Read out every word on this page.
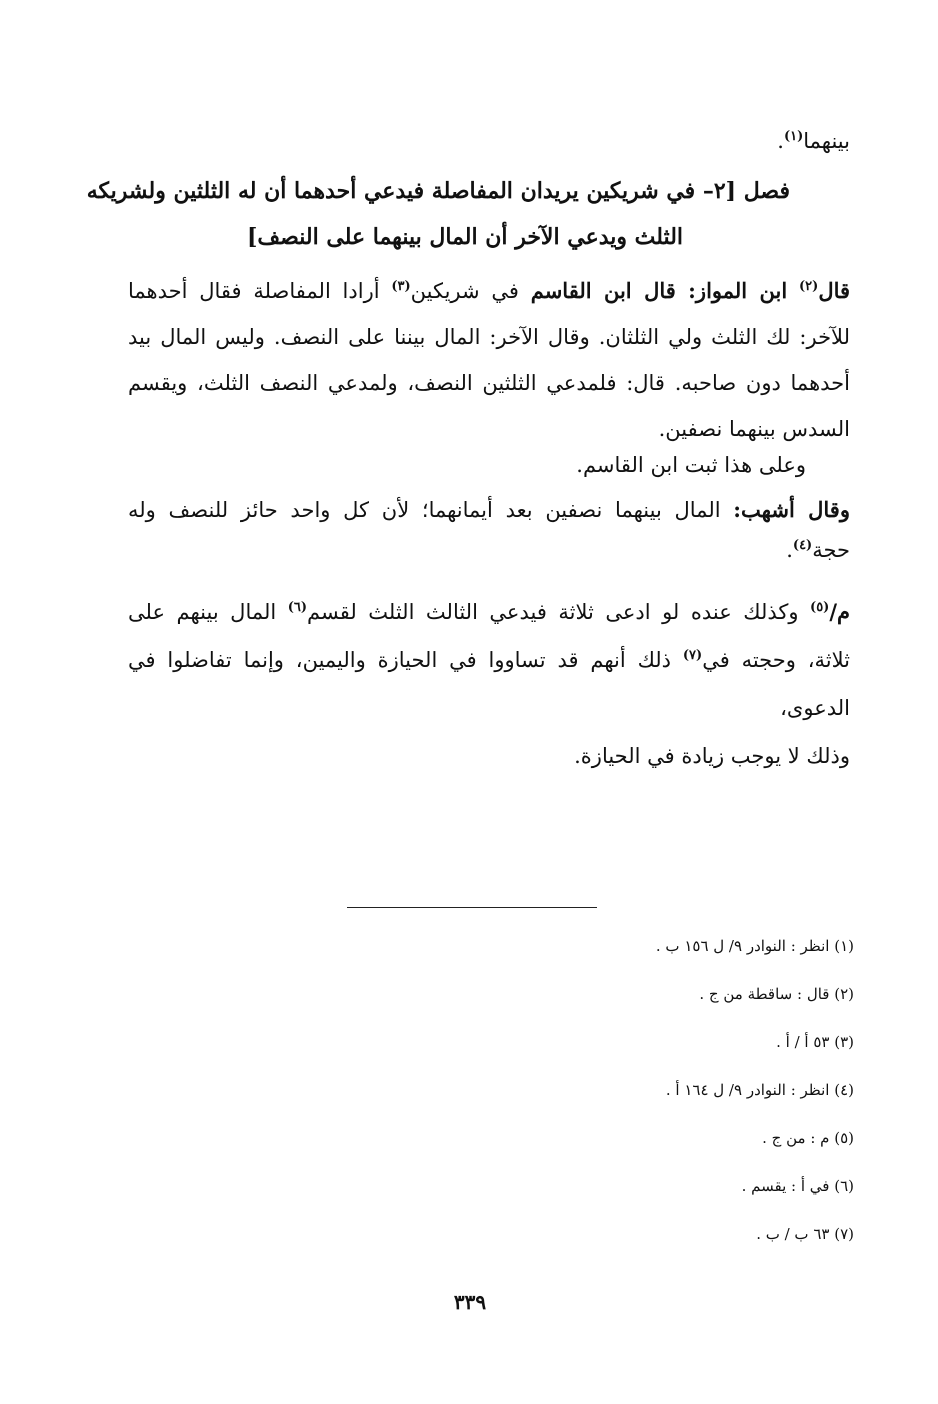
بينهما$^{(١)}$.
فصل [٢– في شريكين يريدان المفاصلة فيدعي أحدهما أن له الثلثين ولشريكه
الثلث ويدعي الآخر أن المال بينهما على النصف]
قال$^{(٢)}$ ابن المواز: قال ابن القاسم في شريكين$^{(٣)}$ أرادا المفاصلة فقال أحدهما
للآخر: لك الثلث ولي الثلثان. وقال الآخر: المال بيننا على النصف. وليس المال بيد
أحدهما دون صاحبه. قال: فلمدعي الثلثين النصف، ولمدعي النصف الثلث، ويقسم
السدس بينهما نصفين.
وعلى هذا ثبت ابن القاسم.
وقال أشهب: المال بينهما نصفين بعد أيمانهما؛ لأن كل واحد حائز للنصف وله
حجة$^{(٤)}$.
م/$^{(٥)}$ وكذلك عنده لو ادعى ثلاثة فيدعي الثالث الثلث لقسم$^{(٦)}$ المال بينهم على
ثلاثة، وحجته في$^{(٧)}$ ذلك أنهم قد تساووا في الحيازة واليمين، وإنما تفاضلوا في الدعوى،
وذلك لا يوجب زيادة في الحيازة.
(١) انظر : النوادر ٩/ ل ١٥٦ ب .
(٢) قال : ساقطة من ج .
(٣) ٥٣ أ / أ .
(٤) انظر : النوادر ٩/ ل ١٦٤ أ .
(٥) م : من ج .
(٦) في أ : يقسم .
(٧) ٦٣ ب / ب .
٣٣٩
